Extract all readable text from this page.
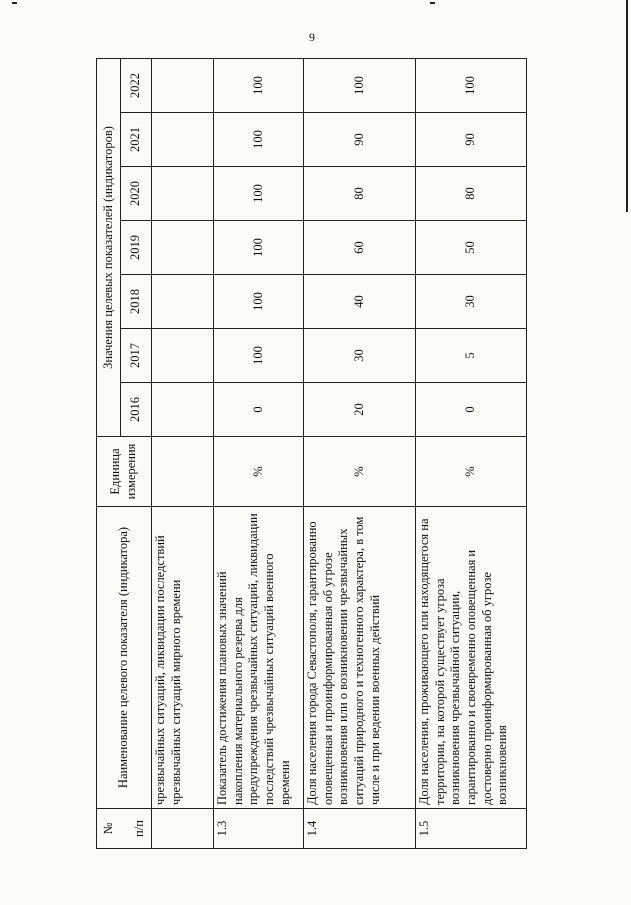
9
№ п/п	Наименование целевого показателя (индикатора)	Единица измерения	Значения целевых показателей (индикаторов)						
			2016	2017	2018	2019	2020	2021	2022
	чрезвычайных ситуаций, ликвидации последствий чрезвычайных ситуаций мирного времени								
1.3	Показатель достижения плановых значений накопления материального резерва для предупреждения чрезвычайных ситуаций, ликвидации последствий чрезвычайных ситуаций военного времени	%	0	100	100	100	100	100	100
1.4	Доля населения города Севастополя, гарантированно оповещенная и проинформированная об угрозе возникновения или о возникновении чрезвычайных ситуаций природного и техногенного характера, в том числе и при ведении военных действий	%	20	30	40	60	80	90	100
1.5	Доля населения, проживающего или находящегося на территории, на которой существует угроза возникновения чрезвычайной ситуации, гарантированно и своевременно оповещенная и достоверно проинформированная об угрозе возникновения	%	0	5	30	50	80	90	100
